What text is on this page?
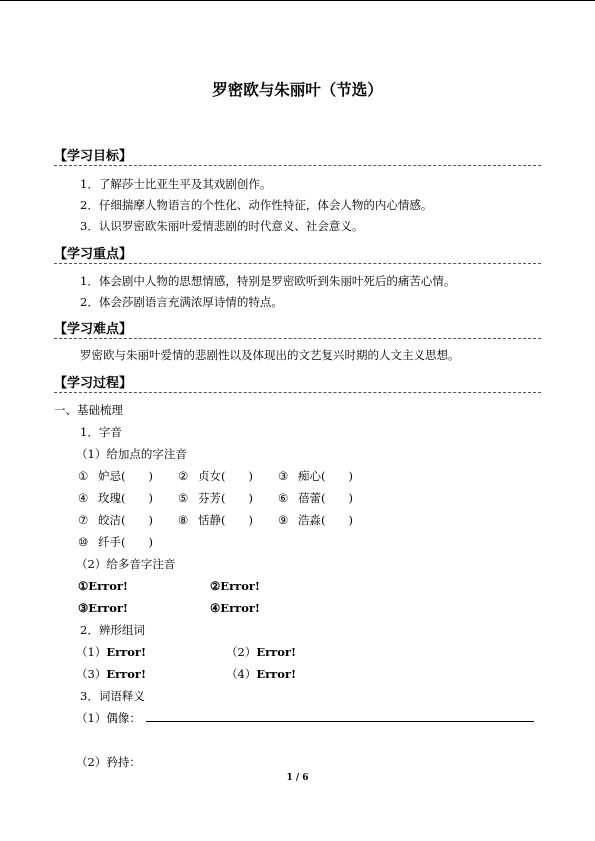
罗密欧与朱丽叶（节选）
【学习目标】
1．了解莎士比亚生平及其戏剧创作。
2．仔细揣摩人物语言的个性化、动作性特征，体会人物的内心情感。
3．认识罗密欧朱丽叶爱情悲剧的时代意义、社会意义。
【学习重点】
1．体会剧中人物的思想情感，特别是罗密欧听到朱丽叶死后的痛苦心情。
2．体会莎剧语言充满浓厚诗情的特点。
【学习难点】
罗密欧与朱丽叶爱情的悲剧性以及体现出的文艺复兴时期的人文主义思想。
【学习过程】
一、基础梳理
1．字音
（1）给加点的字注音
① 妒忌(　　) ② 贞女(　　) ③ 痴心(　　)
④ 玫瑰(　　) ⑤ 芬芳(　　) ⑥ 蓓蕾(　　)
⑦ 皎洁(　　) ⑧ 恬静(　　) ⑨ 浩淼(　　)
⑩ 纤手(　　)
（2）给多音字注音
①Error!	②Error!
③Error!	④Error!
2．辨形组词
（1）Error!	（2）Error!
（3）Error!	（4）Error!
3．词语释义
（1）偶像：
（2）矜持：
1 / 6
